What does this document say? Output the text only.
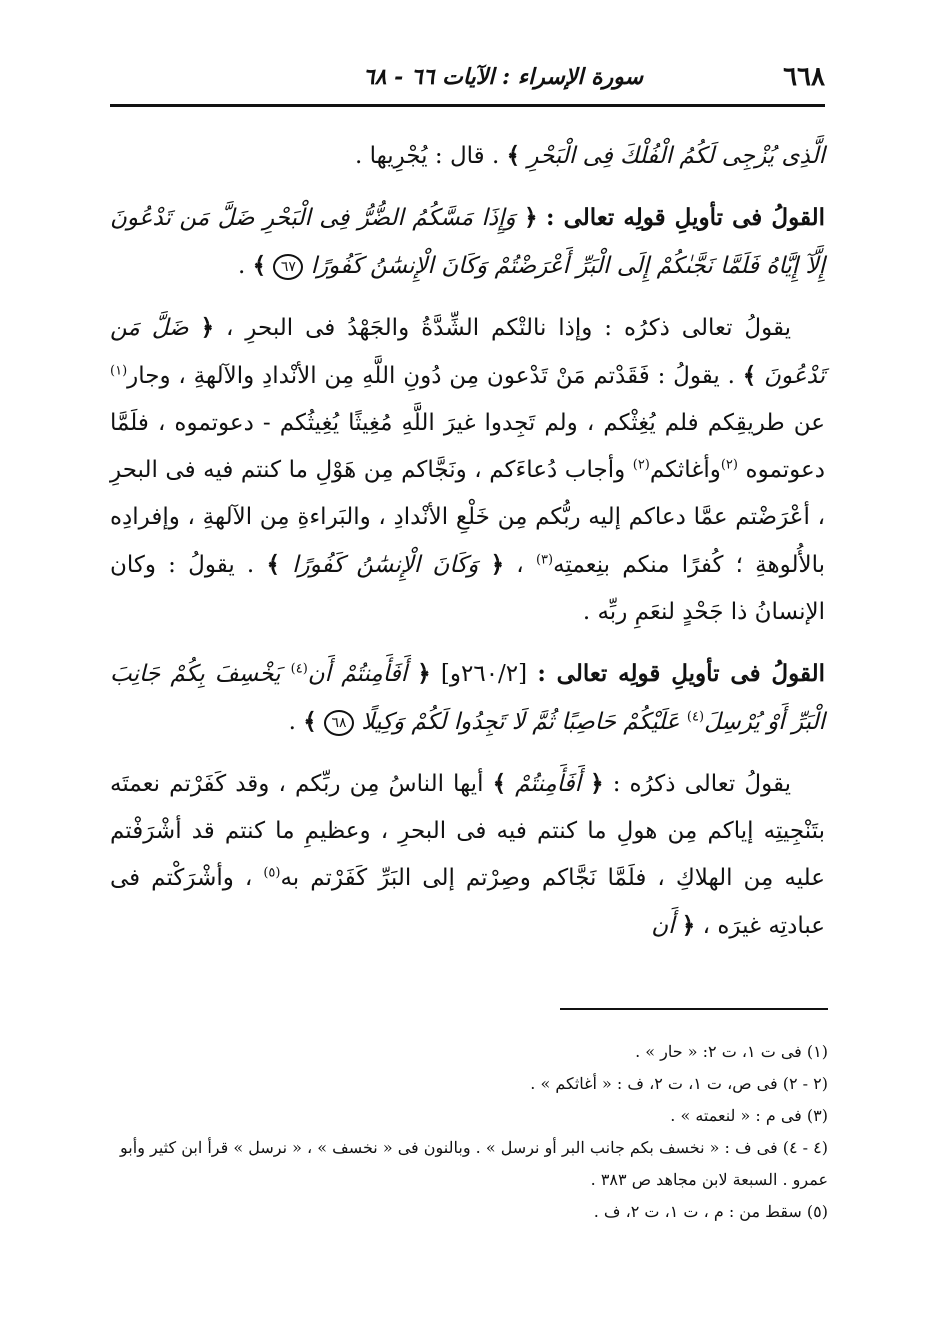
٦٦٨
سورة الإسراء : الآيات ٦٦ - ٦٨

الَّذِى يُزْجِى لَكُمُ الْفُلْكَ فِى الْبَحْرِ ﴾ . قال : يُجْرِيها .

القولُ فى تأويلِ قولِه تعالى : ﴿ وَإِذَا مَسَّكُمُ الضُّرُّ فِى الْبَحْرِ ضَلَّ مَن تَدْعُونَ إِلَّآ إِيَّاهُ فَلَمَّا نَجَّىٰكُمْ إِلَى الْبَرِّ أَعْرَضْتُمْ وَكَانَ الْإِنسَٰنُ كَفُورًا ٦٧ ﴾ .

يقولُ تعالى ذكرُه : وإذا نالتْكم الشِّدَّةُ والجَهْدُ فى البحرِ ، ﴿ ضَلَّ مَن تَدْعُونَ ﴾ . يقولُ : فَقَدْتم مَنْ تَدْعون مِن دُونِ اللَّهِ مِن الأنْدادِ والآلهةِ ، وجار$^{(١)}$ عن طريقِكم فلم يُغِثْكم ، ولم تَجِدوا غيرَ اللَّهِ مُغِيثًا يُغِيثُكم - دعوتموه ، فلَمَّا دعوتموه $^{(٢)}$وأغاثكم$^{(٢)}$ وأجاب دُعاءَكم ، ونَجَّاكم مِن هَوْلِ ما كنتم فيه فى البحرِ ، أعْرَضْتم عمَّا دعاكم إليه ربُّكم مِن خَلْعِ الأنْدادِ ، والبَراءةِ مِن الآلهةِ ، وإفرادِه بالأُلوهةِ ؛ كُفرًا منكم بنِعمتِه$^{(٣)}$ ، ﴿ وَكَانَ الْإِنسَٰنُ كَفُورًا ﴾ . يقولُ : وكان الإنسانُ ذا جَحْدٍ لنعَمِ ربِّه .

القولُ فى تأويلِ قولِه تعالى : [٢٦٠/٢و] ﴿ أَفَأَمِنتُمْ أَن$^{(٤)}$ يَخْسِفَ بِكُمْ جَانِبَ الْبَرِّ أَوْ يُرْسِلَ$^{(٤)}$ عَلَيْكُمْ حَاصِبًا ثُمَّ لَا تَجِدُوا لَكُمْ وَكِيلًا ٦٨ ﴾ .

يقولُ تعالى ذكرُه : ﴿ أَفَأَمِنتُمْ ﴾ أيها الناسُ مِن ربِّكم ، وقد كَفَرْتم نعمتَه بتَنْجِيتِه إياكم مِن هولِ ما كنتم فيه فى البحرِ ، وعظيمِ ما كنتم قد أشْرَفْتم عليه مِن الهلاكِ ، فلَمَّا نَجَّاكم وصِرْتم إلى البَرِّ كَفَرْتم به$^{(٥)}$ ، وأشْرَكْتم فى عبادتِه غيرَه ، ﴿ أَن

(١) فى ت ١، ت ٢: « حار » .

(٢ - ٢) فى ص، ت ١، ت ٢، ف : « أغاثكم » .

(٣) فى م : « لنعمته » .

(٤ - ٤) فى ف : « نخسف بكم جانب البر أو نرسل » . وبالنون فى « نخسف » ، « نرسل » قرأ ابن كثير وأبو عمرو . السبعة لابن مجاهد ص ٣٨٣ .

(٥) سقط من : م ، ت ١، ت ٢، ف .
